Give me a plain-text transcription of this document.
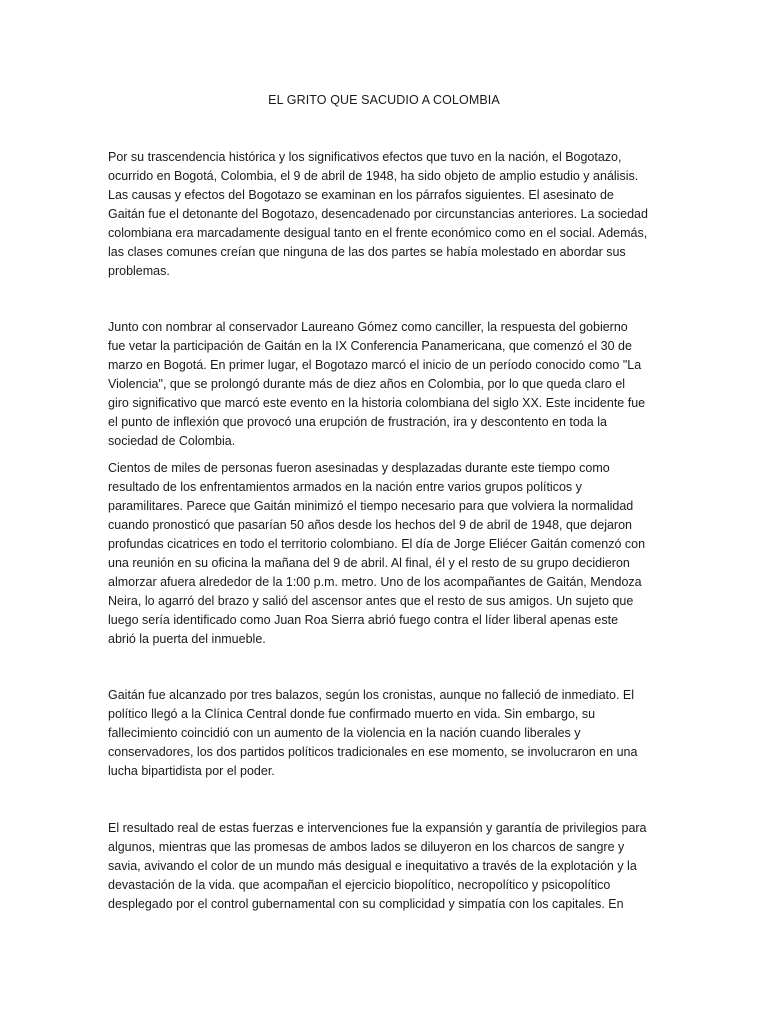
EL GRITO QUE SACUDIO A COLOMBIA

Por su trascendencia histórica y los significativos efectos que tuvo en la nación, el Bogotazo, ocurrido en Bogotá, Colombia, el 9 de abril de 1948, ha sido objeto de amplio estudio y análisis. Las causas y efectos del Bogotazo se examinan en los párrafos siguientes. El asesinato de Gaitán fue el detonante del Bogotazo, desencadenado por circunstancias anteriores. La sociedad colombiana era marcadamente desigual tanto en el frente económico como en el social. Además, las clases comunes creían que ninguna de las dos partes se había molestado en abordar sus problemas.

Junto con nombrar al conservador Laureano Gómez como canciller, la respuesta del gobierno fue vetar la participación de Gaitán en la IX Conferencia Panamericana, que comenzó el 30 de marzo en Bogotá. En primer lugar, el Bogotazo marcó el inicio de un período conocido como "La Violencia", que se prolongó durante más de diez años en Colombia, por lo que queda claro el giro significativo que marcó este evento en la historia colombiana del siglo XX. Este incidente fue el punto de inflexión que provocó una erupción de frustración, ira y descontento en toda la sociedad de Colombia.

Cientos de miles de personas fueron asesinadas y desplazadas durante este tiempo como resultado de los enfrentamientos armados en la nación entre varios grupos políticos y paramilitares. Parece que Gaitán minimizó el tiempo necesario para que volviera la normalidad cuando pronosticó que pasarían 50 años desde los hechos del 9 de abril de 1948, que dejaron profundas cicatrices en todo el territorio colombiano. El día de Jorge Eliécer Gaitán comenzó con una reunión en su oficina la mañana del 9 de abril. Al final, él y el resto de su grupo decidieron almorzar afuera alrededor de la 1:00 p.m. metro. Uno de los acompañantes de Gaitán, Mendoza Neira, lo agarró del brazo y salió del ascensor antes que el resto de sus amigos. Un sujeto que luego sería identificado como Juan Roa Sierra abrió fuego contra el líder liberal apenas este abrió la puerta del inmueble.

Gaitán fue alcanzado por tres balazos, según los cronistas, aunque no falleció de inmediato. El político llegó a la Clínica Central donde fue confirmado muerto en vida. Sin embargo, su fallecimiento coincidió con un aumento de la violencia en la nación cuando liberales y conservadores, los dos partidos políticos tradicionales en ese momento, se involucraron en una lucha bipartidista por el poder.

El resultado real de estas fuerzas e intervenciones fue la expansión y garantía de privilegios para algunos, mientras que las promesas de ambos lados se diluyeron en los charcos de sangre y savia, avivando el color de un mundo más desigual e inequitativo a través de la explotación y la devastación de la vida. que acompañan el ejercicio biopolítico, necropolítico y psicopolítico desplegado por el control gubernamental con su complicidad y simpatía con los capitales. En
